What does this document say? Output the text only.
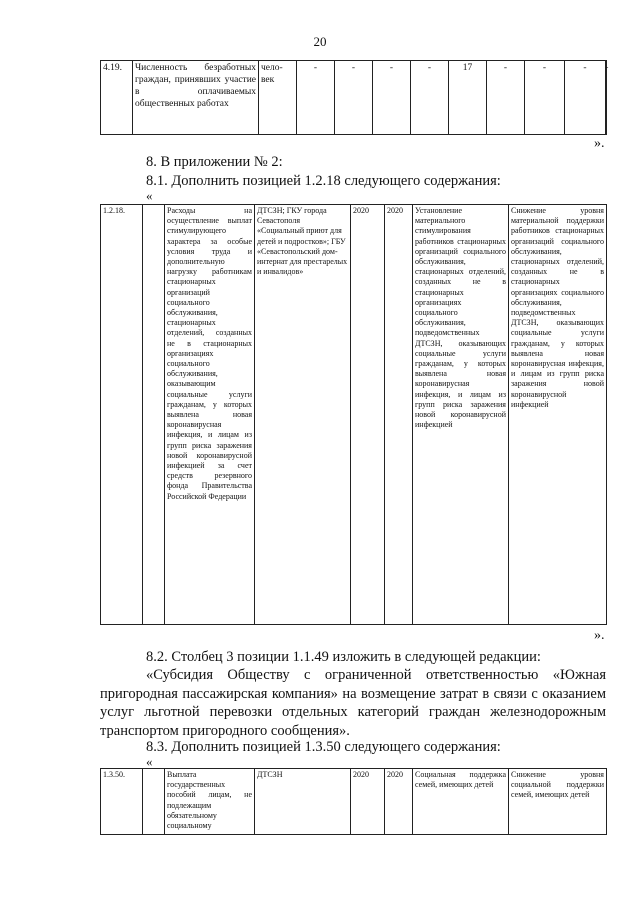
20
4.19.	Численность безработных граждан, принявших участие в оплачиваемых общественных работах	чело-век	-	-	-	-	17	-	-	-	-
».
8. В приложении № 2:
8.1. Дополнить позицией 1.2.18 следующего содержания:
«
1.2.18.		Расходы на осуществление выплат стимулирующего характера за особые условия труда и дополнительную нагрузку работникам стационарных организаций социального обслуживания, стационарных отделений, созданных не в стационарных организациях социального обслуживания, оказывающим социальные услуги гражданам, у которых выявлена новая коронавирусная инфекция, и лицам из групп риска заражения новой коронавирусной инфекцией за счет средств резервного фонда Правительства Российской Федерации	ДТСЗН; ГКУ города Севастополя «Социальный приют для детей и подростков»; ГБУ «Севастопольский дом-интернат для престарелых и инвалидов»	2020	2020	Установление материального стимулирования работников стационарных организаций социального обслуживания, стационарных отделений, созданных не в стационарных организациях социального обслуживания, подведомственных ДТСЗН, оказывающих социальные услуги гражданам, у которых выявлена новая коронавирусная инфекция, и лицам из групп риска заражения новой коронавирусной инфекцией	Снижение уровня материальной поддержки работников стационарных организаций социального обслуживания, стационарных отделений, созданных не в стационарных организациях социального обслуживания, подведомственных ДТСЗН, оказывающих социальные услуги гражданам, у которых выявлена новая коронавирусная инфекция, и лицам из групп риска заражения новой коронавирусной инфекцией
».
8.2. Столбец 3 позиции 1.1.49 изложить в следующей редакции:
«Субсидия Обществу с ограниченной ответственностью «Южная пригородная пассажирская компания» на возмещение затрат в связи с оказанием услуг льготной перевозки отдельных категорий граждан железнодорожным транспортом пригородного сообщения».
8.3. Дополнить позицией 1.3.50 следующего содержания:
«
1.3.50.		Выплата государственных пособий лицам, не подлежащим обязательному социальному	ДТСЗН	2020	2020	Социальная поддержка семей, имеющих детей	Снижение уровня социальной поддержки семей, имеющих детей
